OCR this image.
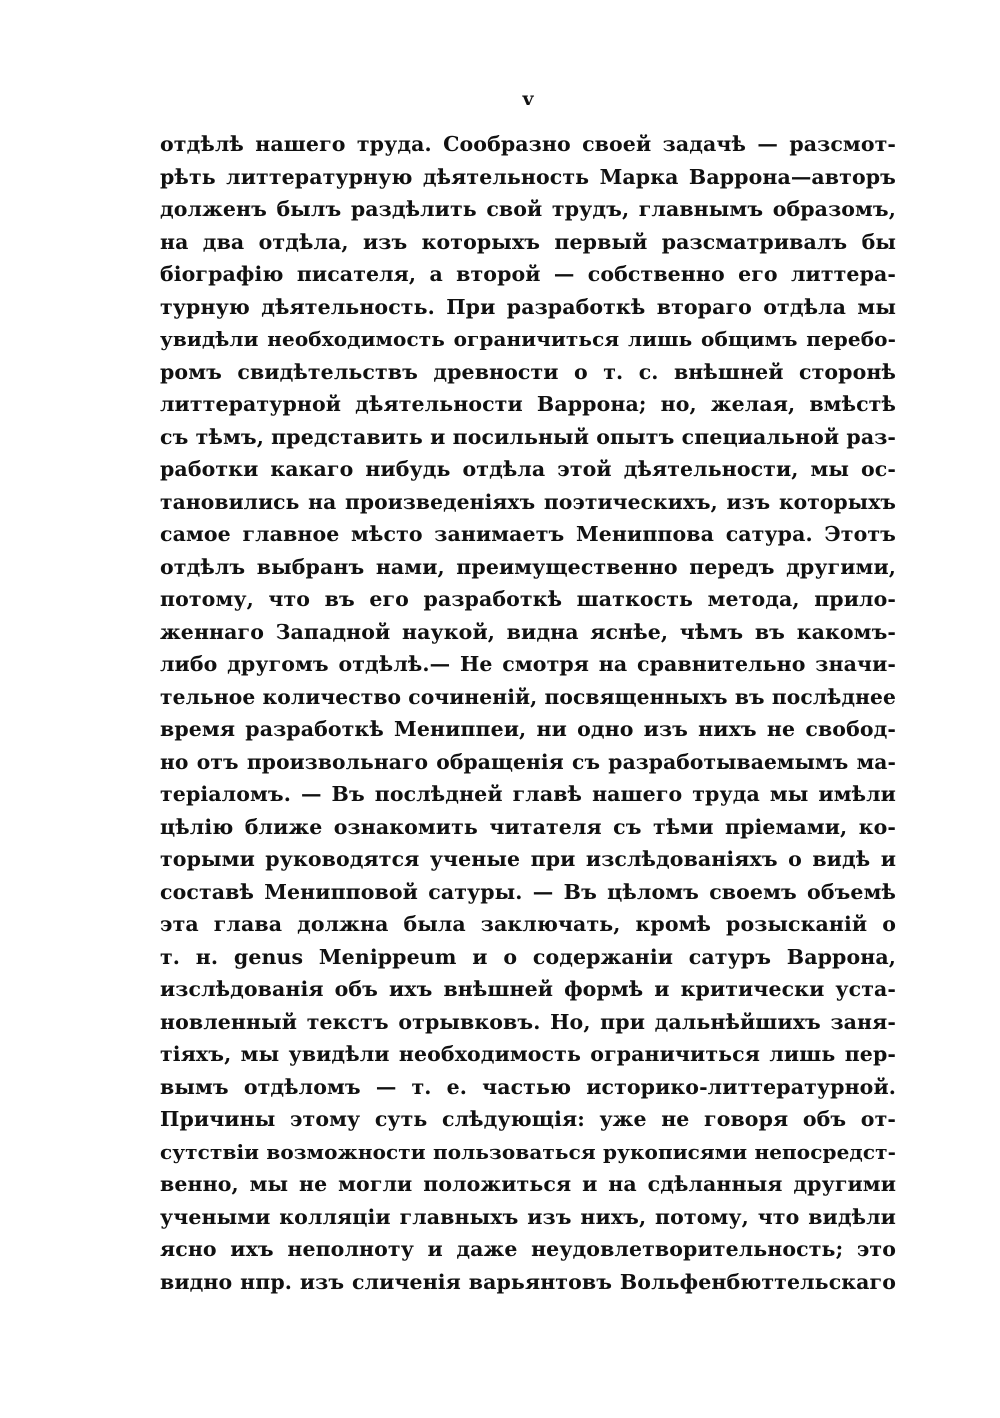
v
отдѣлѣ нашего труда. Сообразно своей задачѣ — разсмот-
рѣть литтературную дѣятельность Марка Варрона—авторъ
долженъ былъ раздѣлить свой трудъ, главнымъ образомъ,
на два отдѣла, изъ которыхъ первый разсматривалъ бы
біографію писателя, а второй — собственно его литтера-
турную дѣятельность. При разработкѣ втораго отдѣла мы
увидѣли необходимость ограничиться лишь общимъ перебо-
ромъ свидѣтельствъ древности о т. с. внѣшней сторонѣ
литтературной дѣятельности Варрона; но, желая, вмѣстѣ
съ тѣмъ, представить и посильный опытъ специальной раз-
работки какаго нибудь отдѣла этой дѣятельности, мы ос-
тановились на произведеніяхъ поэтическихъ, изъ которыхъ
самое главное мѣсто занимаетъ Мениппова сатура. Этотъ
отдѣлъ выбранъ нами, преимущественно передъ другими,
потому, что въ его разработкѣ шаткость метода, прило-
женнаго Западной наукой, видна яснѣе, чѣмъ въ какомъ-
либо другомъ отдѣлѣ.— Не смотря на сравнительно значи-
тельное количество сочиненій, посвященныхъ въ послѣднее
время разработкѣ Мениппеи, ни одно изъ нихъ не свобод-
но отъ произвольнаго обращенія съ разработываемымъ ма-
теріаломъ. — Въ послѣдней главѣ нашего труда мы имѣли
цѣлію ближе ознакомить читателя съ тѣми пріемами, ко-
торыми руководятся ученые при изслѣдованіяхъ о видѣ и
составѣ Менипповой сатуры. — Въ цѣломъ своемъ объемѣ
эта глава должна была заключать, кромѣ розысканій о
т. н. genus Menippeum и о содержаніи сатуръ Варрона,
изслѣдованія объ ихъ внѣшней формѣ и критически уста-
новленный текстъ отрывковъ. Но, при дальнѣйшихъ заня-
тіяхъ, мы увидѣли необходимость ограничиться лишь пер-
вымъ отдѣломъ — т. е. частью историко-литтературной.
Причины этому суть слѣдующія: уже не говоря объ от-
сутствіи возможности пользоваться рукописями непосредст-
венно, мы не могли положиться и на сдѣланныя другими
учеными колляціи главныхъ изъ нихъ, потому, что видѣли
ясно ихъ неполноту и даже неудовлетворительность; это
видно нпр. изъ сличенія варьянтовъ Вольфенбюттельскаго
